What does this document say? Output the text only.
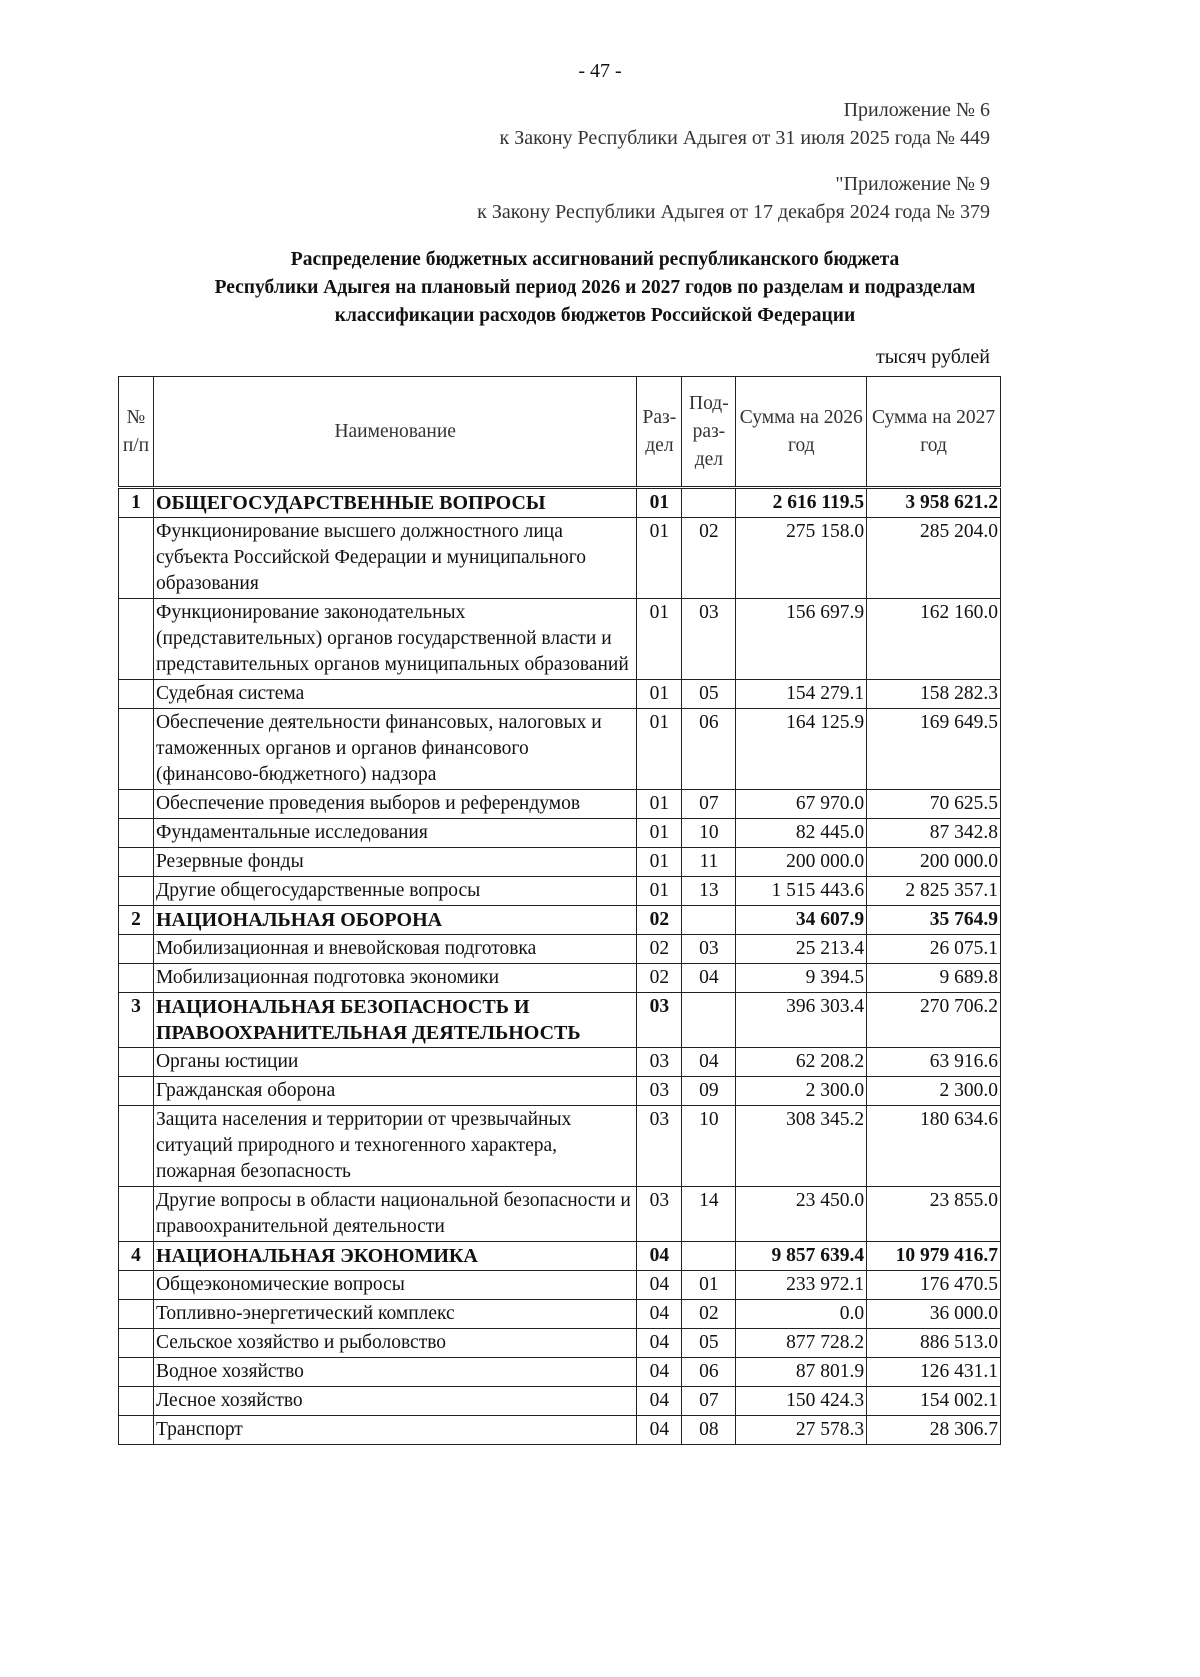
- 47 -
Приложение № 6
к Закону Республики Адыгея от 31 июля 2025 года № 449
"Приложение № 9
к Закону Республики Адыгея от 17 декабря 2024 года № 379
Распределение бюджетных ассигнований республиканского бюджета
Республики Адыгея на плановый период 2026 и 2027 годов по разделам и подразделам
классификации расходов бюджетов Российской Федерации
тысяч рублей
№ п/п	Наименование	Раз-дел	Под-раз-дел	Сумма на 2026 год	Сумма на 2027 год
1	ОБЩЕГОСУДАРСТВЕННЫЕ ВОПРОСЫ	01		2 616 119.5	3 958 621.2
	Функционирование высшего должностного лица субъекта Российской Федерации и муниципального образования	01	02	275 158.0	285 204.0
	Функционирование законодательных (представительных) органов государственной власти и представительных органов муниципальных образований	01	03	156 697.9	162 160.0
	Судебная система	01	05	154 279.1	158 282.3
	Обеспечение деятельности финансовых, налоговых и таможенных органов и органов финансового (финансово-бюджетного) надзора	01	06	164 125.9	169 649.5
	Обеспечение проведения выборов и референдумов	01	07	67 970.0	70 625.5
	Фундаментальные исследования	01	10	82 445.0	87 342.8
	Резервные фонды	01	11	200 000.0	200 000.0
	Другие общегосударственные вопросы	01	13	1 515 443.6	2 825 357.1
2	НАЦИОНАЛЬНАЯ ОБОРОНА	02		34 607.9	35 764.9
	Мобилизационная и вневойсковая подготовка	02	03	25 213.4	26 075.1
	Мобилизационная подготовка экономики	02	04	9 394.5	9 689.8
3	НАЦИОНАЛЬНАЯ БЕЗОПАСНОСТЬ И ПРАВООХРАНИТЕЛЬНАЯ ДЕЯТЕЛЬНОСТЬ	03		396 303.4	270 706.2
	Органы юстиции	03	04	62 208.2	63 916.6
	Гражданская оборона	03	09	2 300.0	2 300.0
	Защита населения и территории от чрезвычайных ситуаций природного и техногенного характера, пожарная безопасность	03	10	308 345.2	180 634.6
	Другие вопросы в области национальной безопасности и правоохранительной деятельности	03	14	23 450.0	23 855.0
4	НАЦИОНАЛЬНАЯ ЭКОНОМИКА	04		9 857 639.4	10 979 416.7
	Общеэкономические вопросы	04	01	233 972.1	176 470.5
	Топливно-энергетический комплекс	04	02	0.0	36 000.0
	Сельское хозяйство и рыболовство	04	05	877 728.2	886 513.0
	Водное хозяйство	04	06	87 801.9	126 431.1
	Лесное хозяйство	04	07	150 424.3	154 002.1
	Транспорт	04	08	27 578.3	28 306.7
